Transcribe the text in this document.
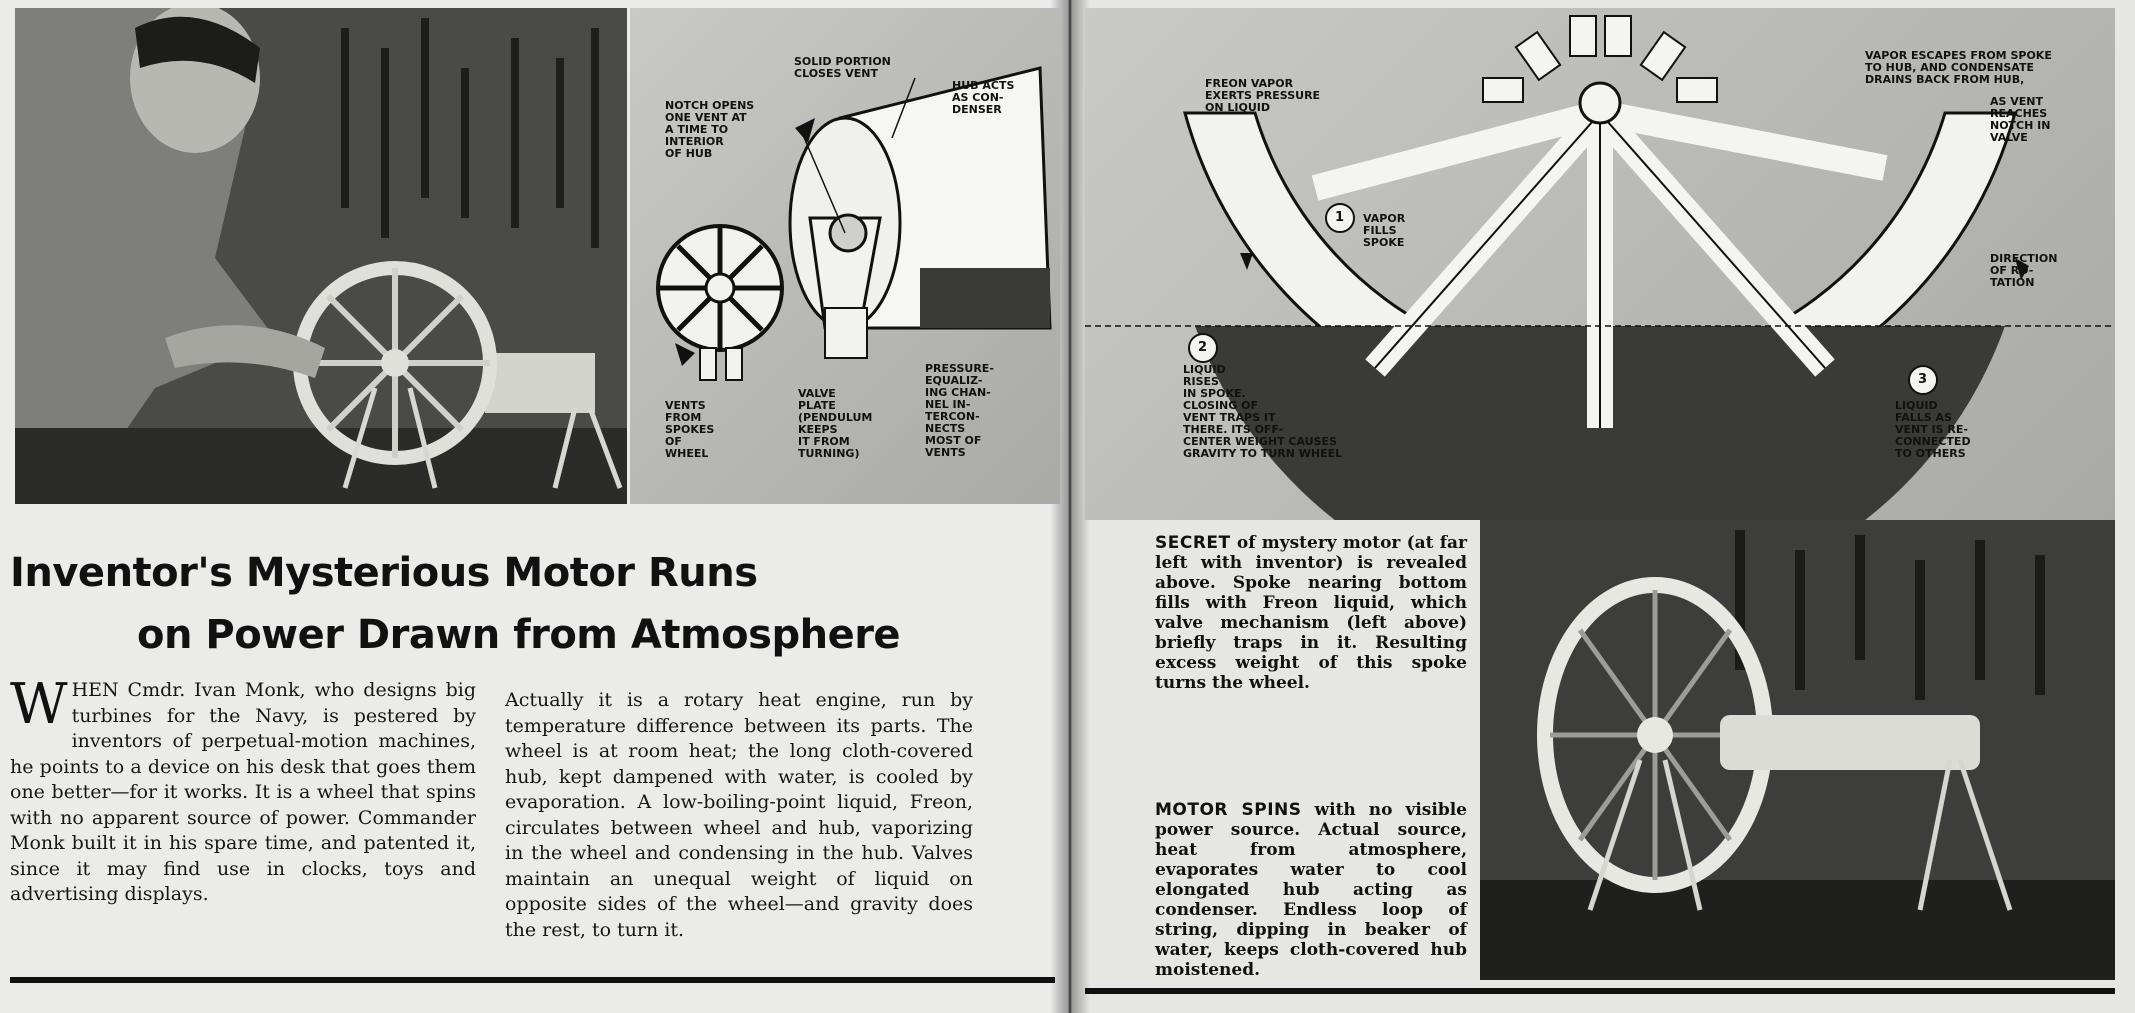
SOLID PORTION
CLOSES VENT
NOTCH OPENS
ONE VENT AT
A TIME TO
INTERIOR
OF HUB
HUB ACTS
AS CON-
DENSER
VENTS
FROM
SPOKES
OF
WHEEL
VALVE
PLATE
(PENDULUM
KEEPS
IT FROM
TURNING)
PRESSURE-
EQUALIZ-
ING CHAN-
NEL IN-
TERCON-
NECTS
MOST OF
VENTS
FREON VAPOR
EXERTS PRESSURE
ON LIQUID
VAPOR ESCAPES FROM SPOKE
TO HUB, AND CONDENSATE
DRAINS BACK FROM HUB,
AS VENT
REACHES
NOTCH IN
VALVE
1 VAPOR
FILLS
SPOKE
DIRECTION
OF RO-
TATION
2
LIQUID
RISES
IN SPOKE.
CLOSING OF
VENT TRAPS IT
THERE. ITS OFF-
CENTER WEIGHT CAUSES
GRAVITY TO TURN WHEEL
3
LIQUID
FALLS AS
VENT IS RE-
CONNECTED
TO OTHERS
Inventor's Mysterious Motor Runs
on Power Drawn from Atmosphere
WHEN Cmdr. Ivan Monk, who designs big turbines for the Navy, is pestered by inventors of perpetual-motion machines, he points to a device on his desk that goes them one better—for it works. It is a wheel that spins with no apparent source of power. Commander Monk built it in his spare time, and patented it, since it may find use in clocks, toys and advertising displays.
Actually it is a rotary heat engine, run by temperature difference between its parts. The wheel is at room heat; the long cloth-covered hub, kept dampened with water, is cooled by evaporation. A low-boiling-point liquid, Freon, circulates between wheel and hub, vaporizing in the wheel and condensing in the hub. Valves maintain an unequal weight of liquid on opposite sides of the wheel—and gravity does the rest, to turn it.
SECRET of mystery motor (at far left with inventor) is revealed above. Spoke nearing bottom fills with Freon liquid, which valve mechanism (left above) briefly traps in it. Resulting excess weight of this spoke turns the wheel.
MOTOR SPINS with no visible power source. Actual source, heat from atmosphere, evaporates water to cool elongated hub acting as condenser. Endless loop of string, dipping in beaker of water, keeps cloth-covered hub moistened.
